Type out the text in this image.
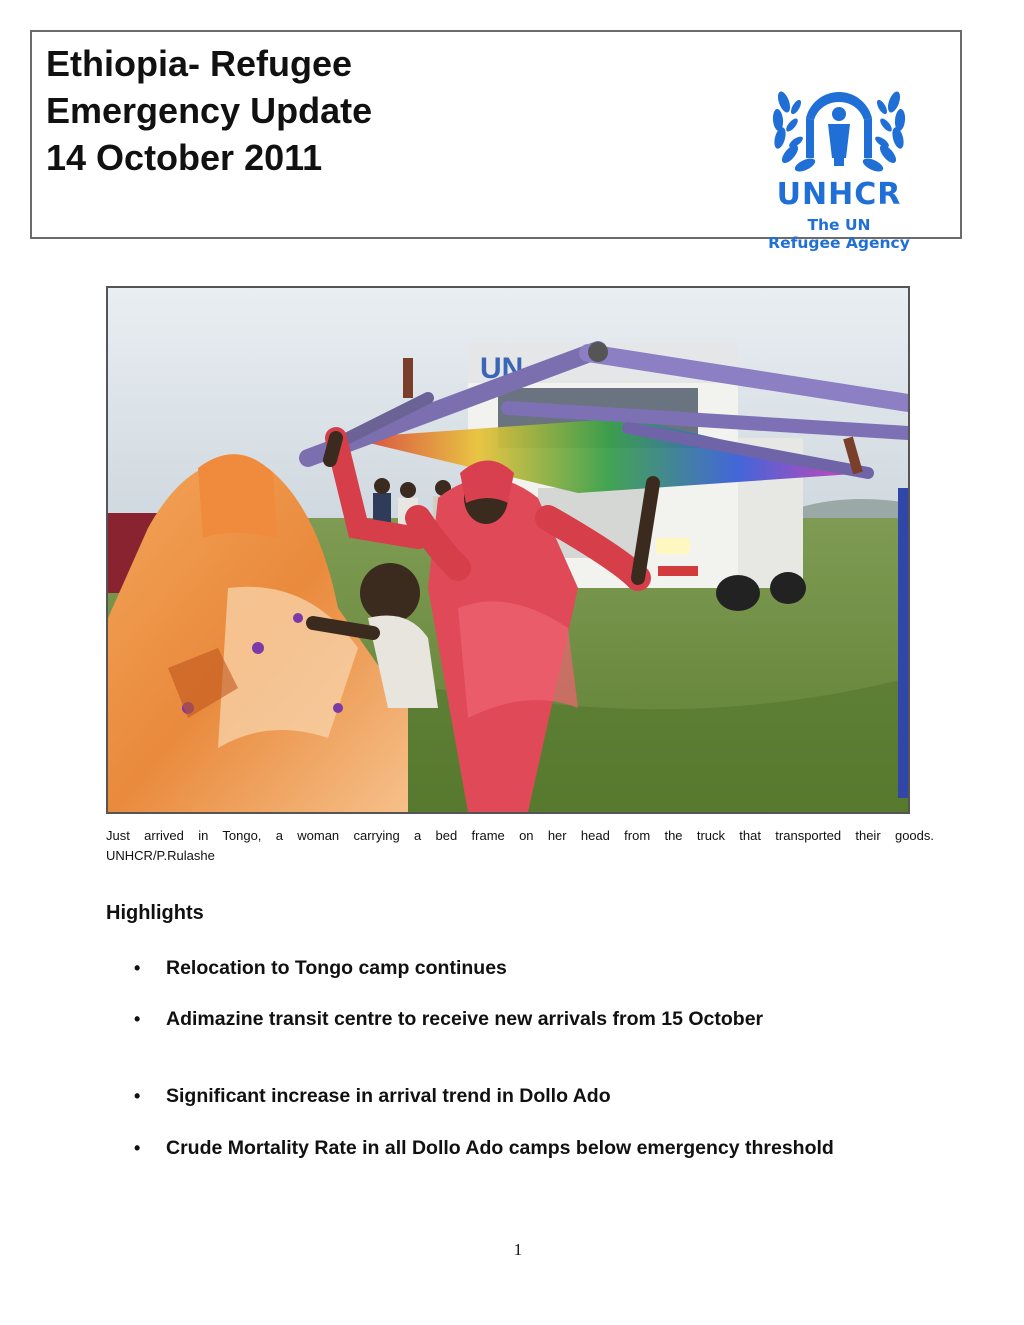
Ethiopia- Refugee
Emergency Update
14 October 2011
UNHCR
The UN
Refugee Agency
UN
Just arrived in Tongo, a woman carrying a bed frame on her head from the truck that transported their goods.
UNHCR/P.Rulashe
Highlights
• Relocation to Tongo camp continues
• Adimazine transit centre to receive new arrivals from 15 October
• Significant increase in arrival trend in Dollo Ado
• Crude Mortality Rate in all Dollo Ado camps below emergency threshold
1
